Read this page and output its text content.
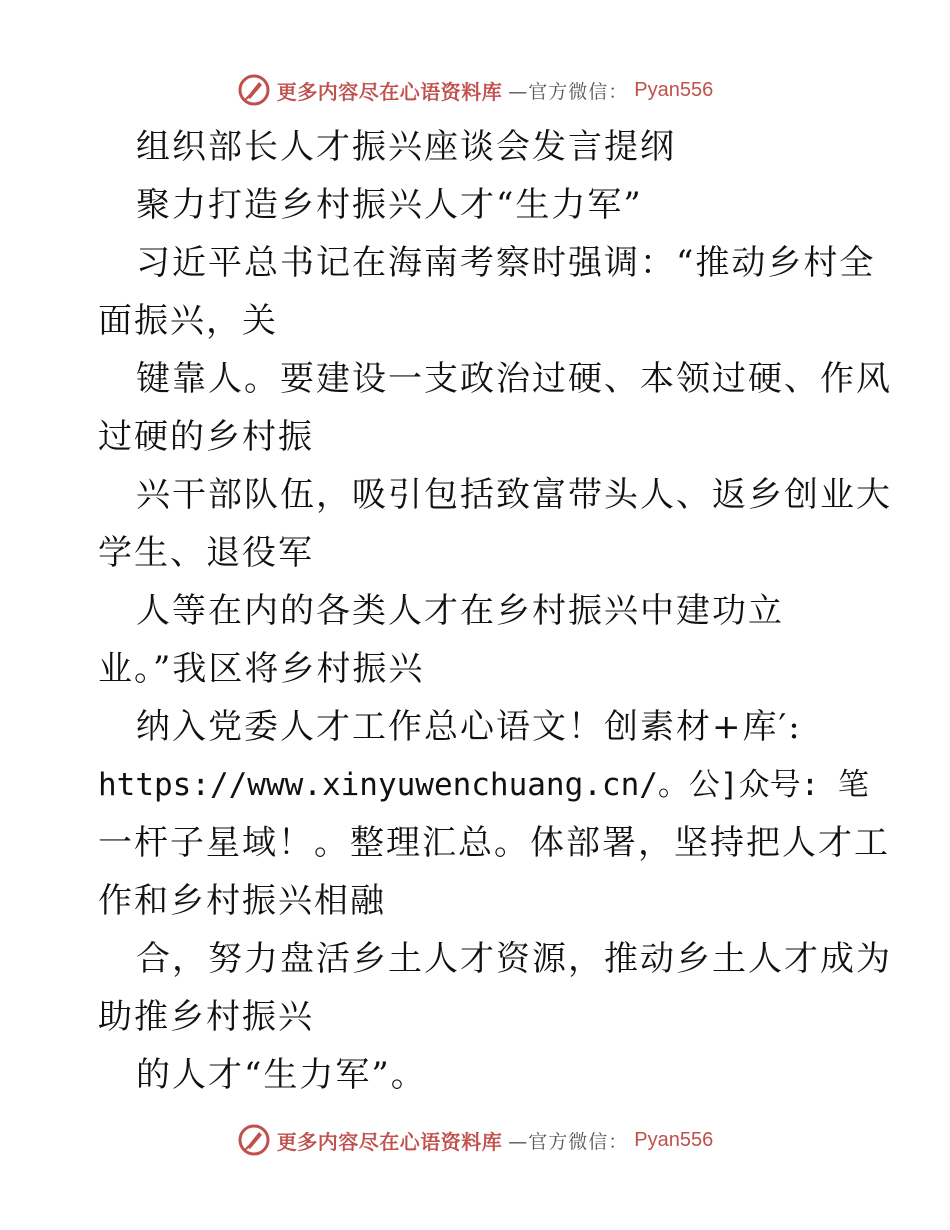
更多内容尽在心语资料库 —官方微信： Pyan556
组织部长人才振兴座谈会发言提纲
聚力打造乡村振兴人才“生力军”
习近平总书记在海南考察时强调：“推动乡村全
面振兴，关
键靠人。要建设一支政治过硬、本领过硬、作风
过硬的乡村振
兴干部队伍，吸引包括致富带头人、返乡创业大
学生、退役军
人等在内的各类人才在乡村振兴中建功立
业。”我区将乡村振兴
纳入党委人才工作总心语文！创素材+库′:
https://www.xinyuwenchuang.cn/。公]众号: 笔
一杆子星域！。整理汇总。体部署，坚持把人才工
作和乡村振兴相融
合，努力盘活乡土人才资源，推动乡土人才成为
助推乡村振兴
的人才“生力军”。
更多内容尽在心语资料库 —官方微信： Pyan556
